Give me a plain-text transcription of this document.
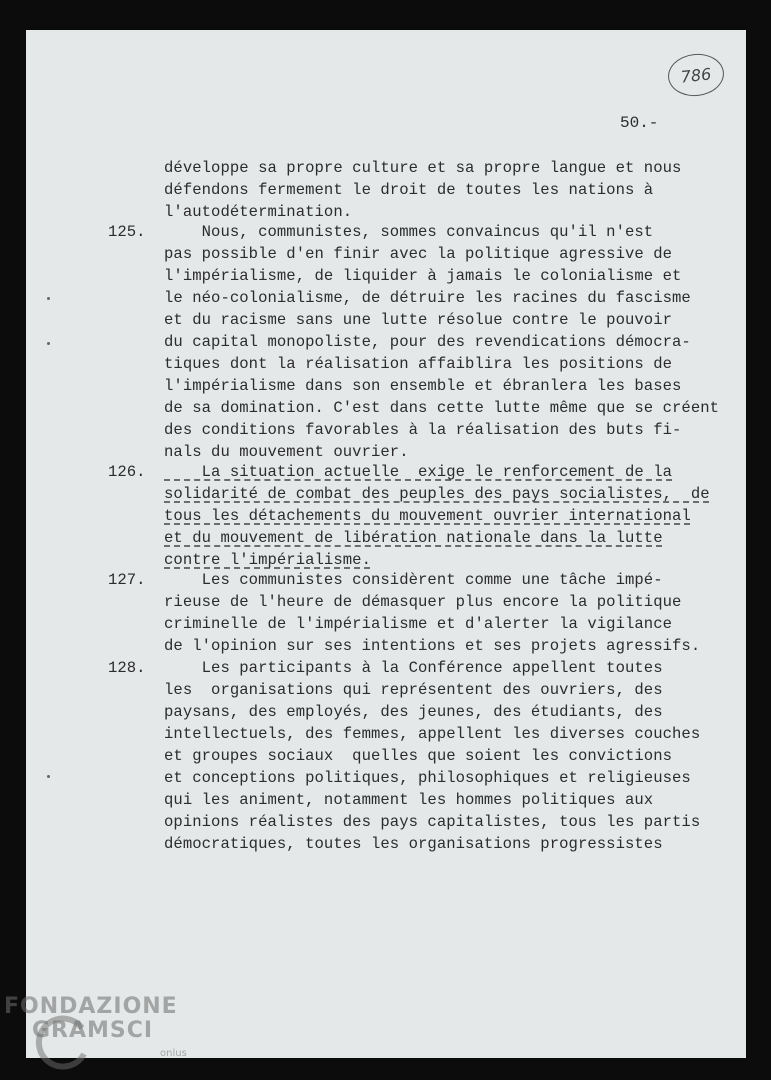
786
50.-
125.
126.
127.
128.
développe sa propre culture et sa propre langue et nous
défendons fermement le droit de toutes les nations à
l'autodétermination.
Nous, communistes, sommes convaincus qu'il n'est
pas possible d'en finir avec la politique agressive de
l'impérialisme, de liquider à jamais le colonialisme et
le néo-colonialisme, de détruire les racines du fascisme
et du racisme sans une lutte résolue contre le pouvoir
du capital monopoliste, pour des revendications démocra-
tiques dont la réalisation affaiblira les positions de
l'impérialisme dans son ensemble et ébranlera les bases
de sa domination. C'est dans cette lutte même que se créent
des conditions favorables à la réalisation des buts fi-
nals du mouvement ouvrier.
La situation actuelle  exige le renforcement de la
solidarité de combat des peuples des pays socialistes,  de
tous les détachements du mouvement ouvrier international
et du mouvement de libération nationale dans la lutte
contre l'impérialisme.
Les communistes considèrent comme une tâche impé-
rieuse de l'heure de démasquer plus encore la politique
criminelle de l'impérialisme et d'alerter la vigilance
de l'opinion sur ses intentions et ses projets agressifs.
Les participants à la Conférence appellent toutes
les  organisations qui représentent des ouvriers, des
paysans, des employés, des jeunes, des étudiants, des
intellectuels, des femmes, appellent les diverses couches
et groupes sociaux  quelles que soient les convictions
et conceptions politiques, philosophiques et religieuses
qui les animent, notamment les hommes politiques aux
opinions réalistes des pays capitalistes, tous les partis
démocratiques, toutes les organisations progressistes
FONDAZIONE
GRAMSCI
onlus
